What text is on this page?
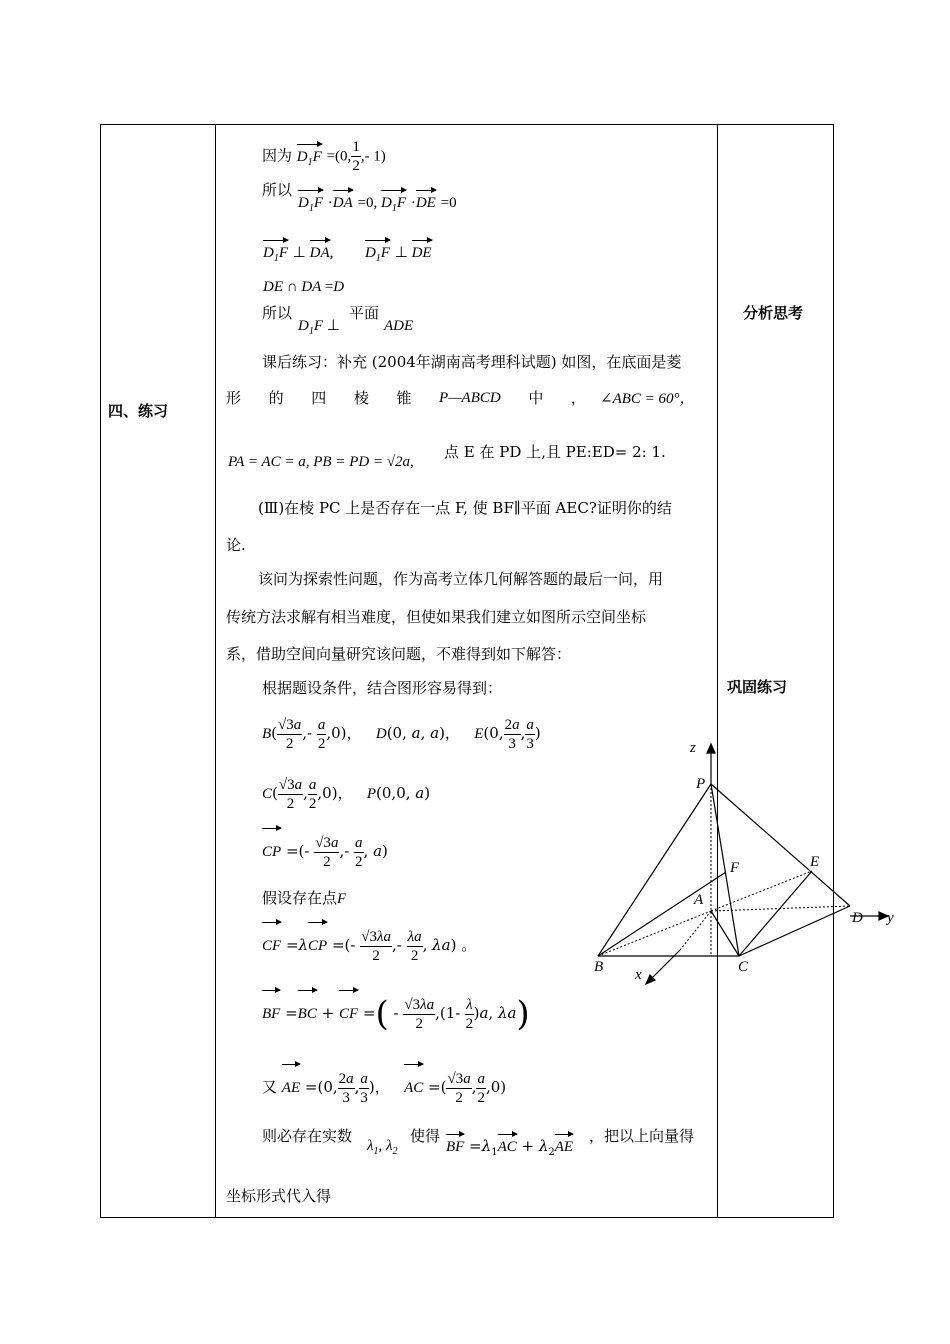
四、练习
分析思考
巩固练习
因为 $D_1F =(0$, $\frac{1}{2}$ ,- 1)
所以
$D_1F \cdot DA =0$, $D_1F \cdot DE =0$
$D_1F$ ⊥ DA, $D_1F$ ⊥ DE
DE ∩ DA =D
所以
$D_1F$ ⊥
平面
ADE
课后练习：补充 (2004年湖南高考理科试题) 如图，在底面是菱
形 的 四 棱 锥 P—ABCD 中 ， ∠ABC = 60°，
PA = AC = a, PB = PD = √2a,
点 E 在 PD 上,且 PE:ED= 2: 1.
(Ⅲ)在棱 PC 上是否存在一点 F, 使 BF∥平面 AEC?证明你的结
论.
该问为探索性问题，作为高考立体几何解答题的最后一问，用
传统方法求解有相当难度，但使如果我们建立如图所示空间坐标
系，借助空间向量研究该问题，不难得到如下解答：
根据题设条件，结合图形容易得到：
$B( \frac{√3a}{2}$ ,- $\frac{a}{2} ,0$)，   D(0, a, a)，   E(0, $\frac{2a}{3}$ , $\frac{a}{3}$ )
$C( \frac{√3a}{2}$ , $\frac{a}{2} ,0$)，   P(0,0, a)
CP =(- $\frac{√3a}{2}$ ,- $\frac{a}{2}$ , a)
假设存在点F
CF =λCP =(- $\frac{√3\lambda a}{2}$ ,- $\frac{\lambda a}{2}$ , λa) 。
BF =BC + CF =( - $\frac{√3\lambda a}{2} ,(1- \frac{\lambda}{2} )a$, λa)
又 AE =(0, $\frac{2a}{3}$ , $\frac{a}{3}$ )，   AC =( $\frac{√3a}{2}$ , $\frac{a}{2} ,0$)
则必存在实数
$\lambda_1$, $\lambda_2$
使得
BF $=\lambda_1AC + \lambda_2AE$
，把以上向量得
坐标形式代入得
z
P
F	E
A
D y
B	C
x
